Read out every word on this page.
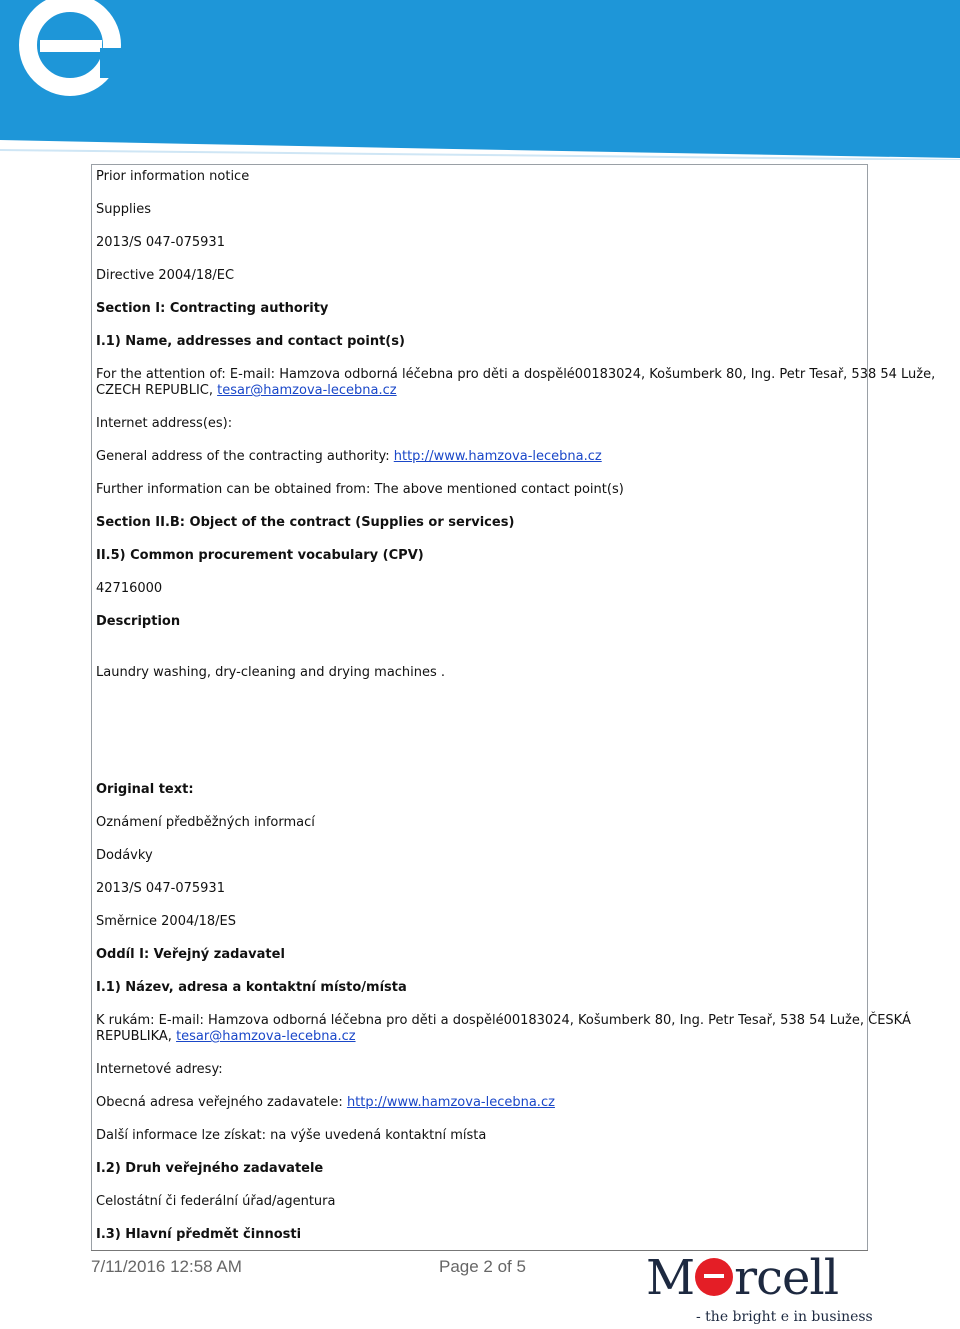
Prior information notice
Supplies
2013/S 047-075931
Directive 2004/18/EC
Section I: Contracting authority
I.1) Name, addresses and contact point(s)
For the attention of: E-mail: Hamzova odborná léčebna pro děti a dospělé00183024, Košumberk 80, Ing. Petr Tesař, 538 54 Luže,
CZECH REPUBLIC, tesar@hamzova-lecebna.cz
Internet address(es):
General address of the contracting authority: http://www.hamzova-lecebna.cz
Further information can be obtained from: The above mentioned contact point(s)
Section II.B: Object of the contract (Supplies or services)
II.5) Common procurement vocabulary (CPV)
42716000
Description
Laundry washing, dry-cleaning and drying machines .
Original text:
Oznámení předběžných informací
Dodávky
2013/S 047-075931
Směrnice 2004/18/ES
Oddíl I: Veřejný zadavatel
I.1) Název, adresa a kontaktní místo/místa
K rukám: E-mail: Hamzova odborná léčebna pro děti a dospělé00183024, Košumberk 80, Ing. Petr Tesař, 538 54 Luže, ČESKÁ
REPUBLIKA, tesar@hamzova-lecebna.cz
Internetové adresy:
Obecná adresa veřejného zadavatele: http://www.hamzova-lecebna.cz
Další informace lze získat: na výše uvedená kontaktní místa
I.2) Druh veřejného zadavatele
Celostátní či federální úřad/agentura
I.3) Hlavní předmět činnosti
7/11/2016 12:58 AM	Page 2 of 5	M rcell
- the bright e in business
